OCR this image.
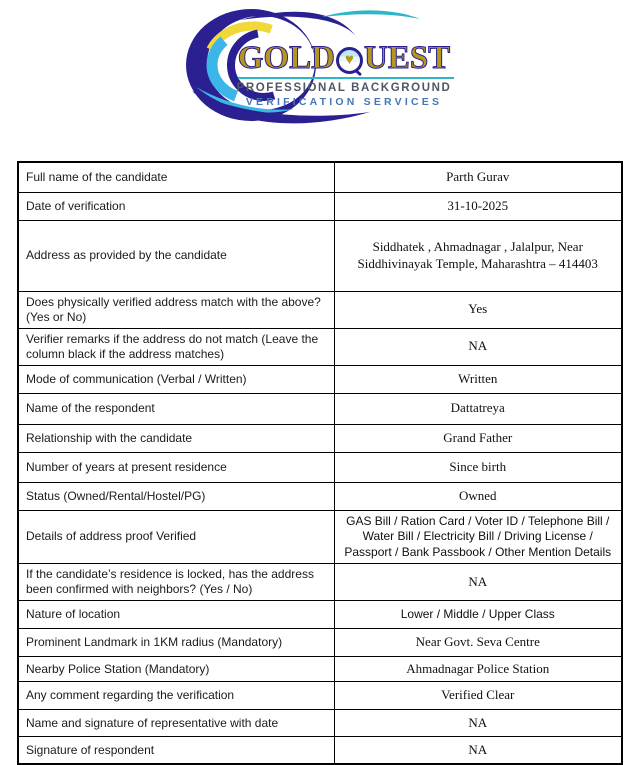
GOLD ♥ UEST
PROFESSIONAL BACKGROUND
VERIFICATION SERVICES
Full name of the candidate	Parth Gurav
Date of verification	31-10-2025
Address as provided by the candidate	Siddhatek , Ahmadnagar , Jalalpur, Near Siddhivinayak Temple, Maharashtra – 414403
Does physically verified address match with the above? (Yes or No)	Yes
Verifier remarks if the address do not match (Leave the column black if the address matches)	NA
Mode of communication (Verbal / Written)	Written
Name of the respondent	Dattatreya
Relationship with the candidate	Grand Father
Number of years at present residence	Since birth
Status (Owned/Rental/Hostel/PG)	Owned
Details of address proof Verified	GAS Bill / Ration Card / Voter ID / Telephone Bill / Water Bill / Electricity Bill / Driving License / Passport / Bank Passbook / Other Mention Details
If the candidate’s residence is locked, has the address been confirmed with neighbors? (Yes / No)	NA
Nature of location	Lower / Middle / Upper Class
Prominent Landmark in 1KM radius (Mandatory)	Near Govt. Seva Centre
Nearby Police Station (Mandatory)	Ahmadnagar Police Station
Any comment regarding the verification	Verified Clear
Name and signature of representative with date	NA
Signature of respondent	NA
